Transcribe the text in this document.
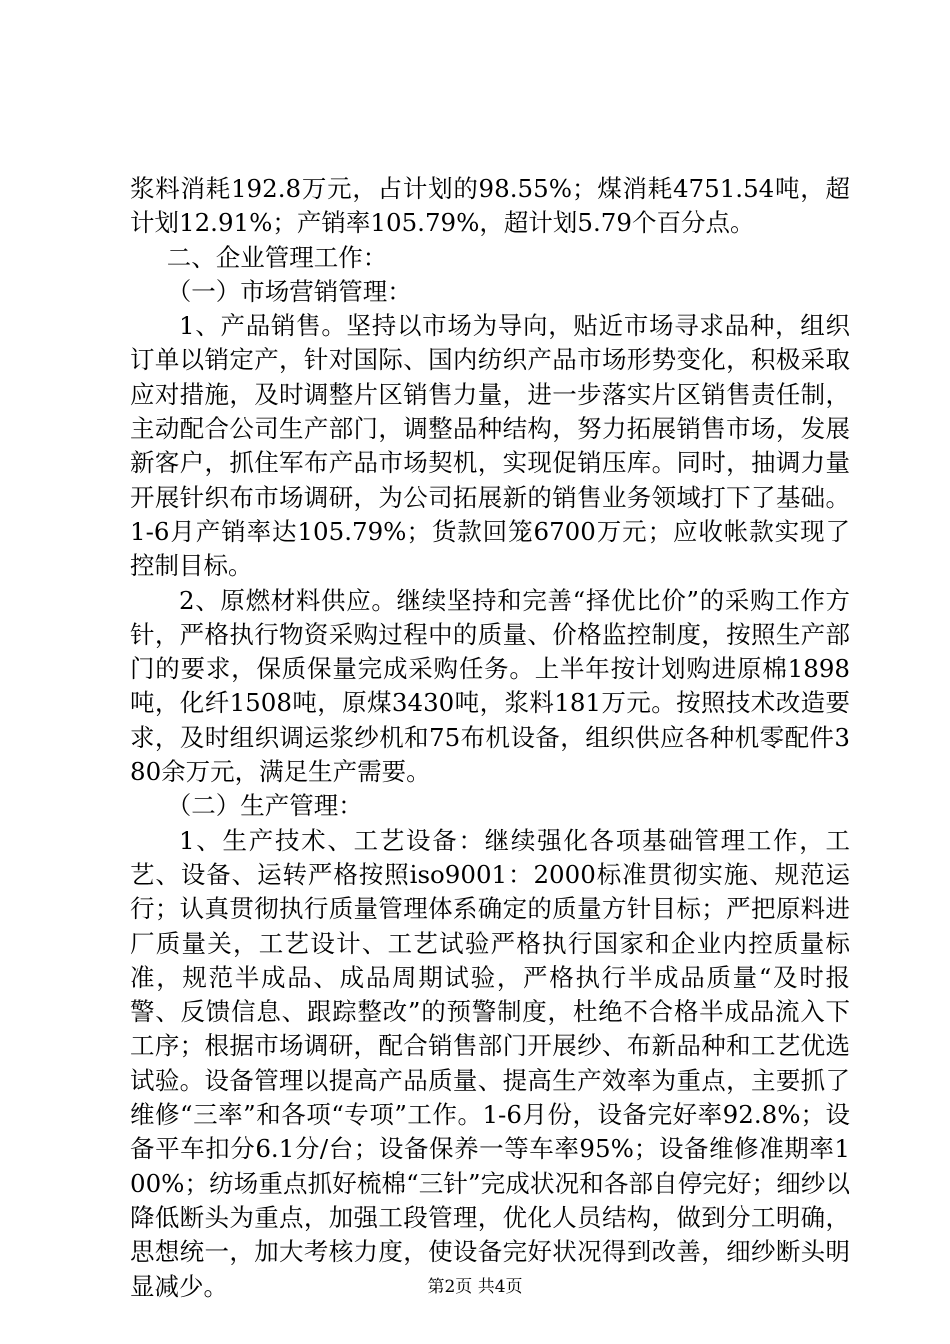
浆料消耗192.8万元，占计划的98.55%；煤消耗4751.54吨，超计划12.91%；产销率105.79%，超计划5.79个百分点。

二、企业管理工作：

（一）市场营销管理：

1、产品销售。坚持以市场为导向，贴近市场寻求品种，组织订单以销定产，针对国际、国内纺织产品市场形势变化，积极采取应对措施，及时调整片区销售力量，进一步落实片区销售责任制，主动配合公司生产部门，调整品种结构，努力拓展销售市场，发展新客户，抓住军布产品市场契机，实现促销压库。同时，抽调力量开展针织布市场调研，为公司拓展新的销售业务领域打下了基础。1-6月产销率达105.79%；货款回笼6700万元；应收帐款实现了控制目标。

2、原燃材料供应。继续坚持和完善“择优比价”的采购工作方针，严格执行物资采购过程中的质量、价格监控制度，按照生产部门的要求，保质保量完成采购任务。上半年按计划购进原棉1898吨，化纤1508吨，原煤3430吨，浆料181万元。按照技术改造要求，及时组织调运浆纱机和75布机设备，组织供应各种机零配件380余万元，满足生产需要。

（二）生产管理：

1、生产技术、工艺设备：继续强化各项基础管理工作，工艺、设备、运转严格按照iso9001：2000标准贯彻实施、规范运行；认真贯彻执行质量管理体系确定的质量方针目标；严把原料进厂质量关，工艺设计、工艺试验严格执行国家和企业内控质量标准，规范半成品、成品周期试验，严格执行半成品质量“及时报警、反馈信息、跟踪整改”的预警制度，杜绝不合格半成品流入下工序；根据市场调研，配合销售部门开展纱、布新品种和工艺优选试验。设备管理以提高产品质量、提高生产效率为重点，主要抓了维修“三率”和各项“专项”工作。1-6月份，设备完好率92.8%；设备平车扣分6.1分/台；设备保养一等车率95%；设备维修准期率100%；纺场重点抓好梳棉“三针”完成状况和各部自停完好；细纱以降低断头为重点，加强工段管理，优化人员结构，做到分工明确，思想统一，加大考核力度，使设备完好状况得到改善，细纱断头明显减少。	第2页 共4页
